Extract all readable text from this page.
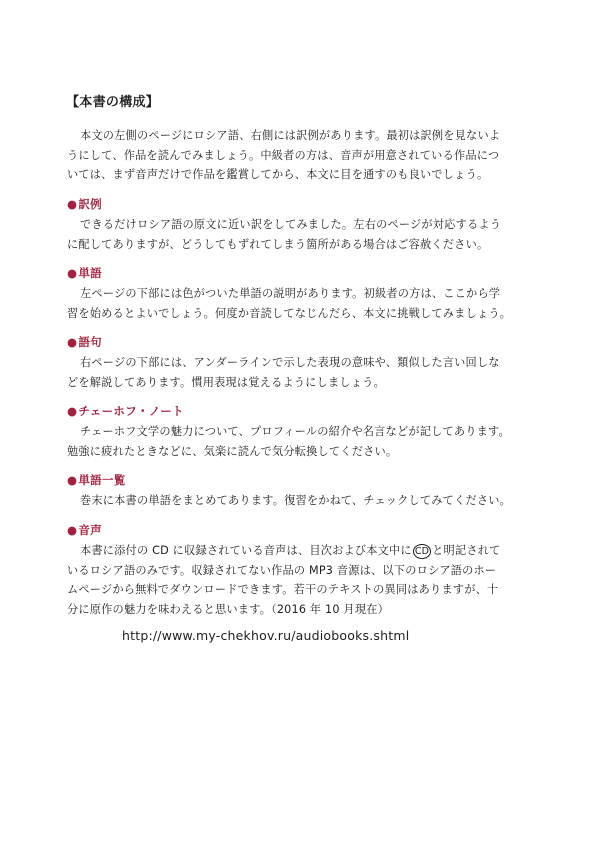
【本書の構成】
本文の左側のページにロシア語、右側には訳例があります。最初は訳例を見ないよ
うにして、作品を読んでみましょう。中級者の方は、音声が用意されている作品につ
いては、まず音声だけで作品を鑑賞してから、本文に目を通すのも良いでしょう。
●訳例
できるだけロシア語の原文に近い訳をしてみました。左右のページが対応するよう
に配してありますが、どうしてもずれてしまう箇所がある場合はご容赦ください。
●単語
左ページの下部には色がついた単語の説明があります。初級者の方は、ここから学
習を始めるとよいでしょう。何度か音読してなじんだら、本文に挑戦してみましょう。
●語句
右ページの下部には、アンダーラインで示した表現の意味や、類似した言い回しな
どを解説してあります。慣用表現は覚えるようにしましょう。
●チェーホフ・ノート
チェーホフ文学の魅力について、プロフィールの紹介や名言などが記してあります。
勉強に疲れたときなどに、気楽に読んで気分転換してください。
●単語一覧
巻末に本書の単語をまとめてあります。復習をかねて、チェックしてみてください。
●音声
本書に添付の CD に収録されている音声は、目次および本文中に CD と明記されて
いるロシア語のみです。収録されてない作品の MP3 音源は、以下のロシア語のホー
ムページから無料でダウンロードできます。若干のテキストの異同はありますが、十
分に原作の魅力を味わえると思います。（2016 年 10 月現在）
http://www.my-chekhov.ru/audiobooks.shtml
